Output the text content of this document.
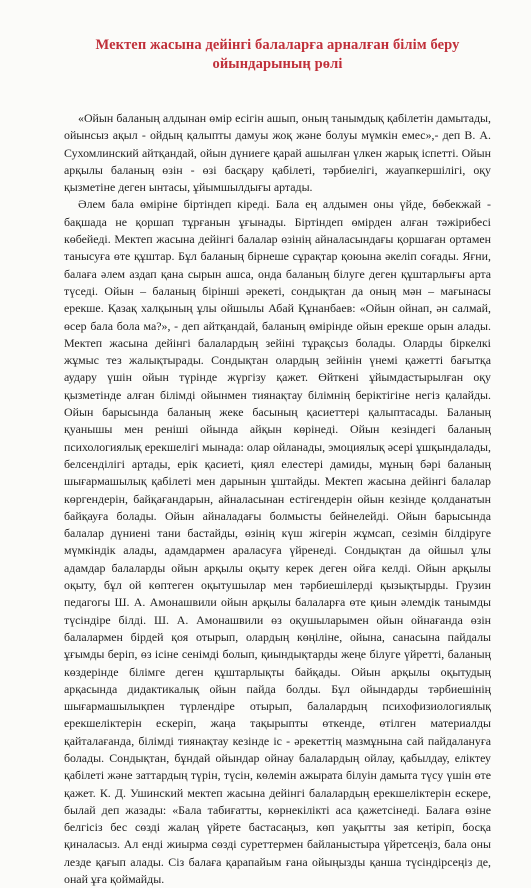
Мектеп жасына дейінгі балаларға арналған білім беру
ойындарының рөлі

«Ойын баланың алдынан өмір есігін ашып, оның танымдық қабілетін дамытады, ойынсыз ақыл - ойдың қалыпты дамуы жоқ және болуы мүмкін емес»,- деп В. А. Сухомлинский айтқандай, ойын дүниеге қарай ашылған үлкен жарық іспетті. Ойын арқылы баланың өзін - өзі басқару қабілеті, тәрбиелігі, жауапкершілігі, оқу қызметіне деген ынтасы, ұйымшылдығы артады.

Әлем бала өміріне біртіндеп кіреді. Бала ең алдымен оны үйде, бөбекжай - бақшада не қоршап тұрғанын ұғынады. Біртіндеп өмірден алған тәжірибесі көбейеді. Мектеп жасына дейінгі балалар өзінің айналасындағы қоршаған ортамен танысуға өте құштар. Бұл баланың бірнеше сұрақтар қоюына әкеліп соғады. Яғни, балаға әлем аздап қана сырын ашса, онда баланың білуге деген құштарлығы арта түседі. Ойын – баланың бірінші әрекеті, сондықтан да оның мән – мағынасы ерекше. Қазақ халқының ұлы ойшылы Абай Құнанбаев: «Ойын ойнап, ән салмай, өсер бала бола ма?», - деп айтқандай, баланың өмірінде ойын ерекше орын алады. Мектеп жасына дейінгі балалардың зейіні тұрақсыз болады. Оларды біркелкі жұмыс тез жалықтырады. Сондықтан олардың зейінін үнемі қажетті бағытқа аудару үшін ойын түрінде жүргізу қажет. Өйткені ұйымдастырылған оқу қызметінде алған білімді ойынмен тиянақтау білімнің беріктігіне негіз қалайды. Ойын барысында баланың жеке басының қасиеттері қалыптасады. Баланың қуанышы мен реніші ойында айқын көрінеді. Ойын кезіндегі баланың психологиялық ерекшелігі мынада: олар ойланады, эмоциялық әсері ұшқындалады, белсенділігі артады, ерік қасиеті, қиял елестері дамиды, мұның бәрі баланың шығармашылық қабілеті мен дарынын ұштайды. Мектеп жасына дейінгі балалар көргендерін, байқағандарын, айналасынан естігендерін ойын кезінде қолданатын байқауға болады. Ойын айналадағы болмысты бейнелейді. Ойын барысында балалар дүниені тани бастайды, өзінің күш жігерін жұмсап, сезімін білдіруге мүмкіндік алады, адамдармен араласуға үйренеді. Сондықтан да ойшыл ұлы адамдар балаларды ойын арқылы оқыту керек деген ойға келді. Ойын арқылы оқыту, бұл ой көптеген оқытушылар мен тәрбиешілерді қызықтырды. Грузин педагогы Ш. А. Амонашвили ойын арқылы балаларға өте қиын әлемдік танымды түсіндіре білді. Ш. А. Амонашвили өз оқушыларымен ойын ойнағанда өзін балалармен бірдей қоя отырып, олардың көңіліне, ойына, санасына пайдалы ұғымды беріп, өз ісіне сенімді болып, қиындықтарды жеңе білуге үйретті, баланың көздерінде білімге деген құштарлықты байқады. Ойын арқылы оқытудың арқасында дидактикалық ойын пайда болды. Бұл ойындарды тәрбиешінің шығармашылықпен түрлендіре отырып, балалардың психофизиологиялық ерекшеліктерін ескеріп, жаңа тақырыпты өткенде, өтілген материалды қайталағанда, білімді тиянақтау кезінде іс - әрекеттің мазмұнына сай пайдалануға болады. Сондықтан, бұндай ойындар ойнау балалардың ойлау, қабылдау, еліктеу қабілеті және заттардың түрін, түсін, көлемін ажырата білуін дамыта түсу үшін өте қажет. К. Д. Ушинский мектеп жасына дейінгі балалардың ерекшеліктерін ескере, былай деп жазады: «Бала табиғатты, көрнекілікті аса қажетсінеді. Балаға өзіне белгісіз бес сөзді жалаң үйрете бастасаңыз, көп уақытты зая кетіріп, босқа қиналасыз. Ал енді жиырма сөзді суреттермен байланыстыра үйретсеңіз, бала оны лезде қағып алады. Сіз балаға қарапайым ғана ойыңызды қанша түсіндірсеңіз де, онай ұға қоймайды.
